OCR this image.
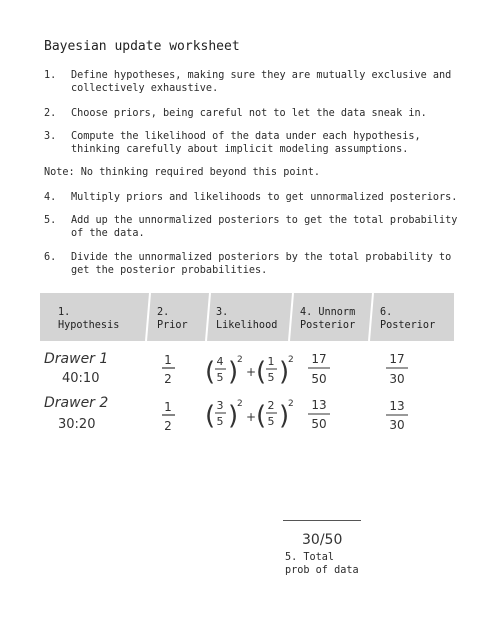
Bayesian update worksheet
1. Define hypotheses, making sure they are mutually exclusive and collectively exhaustive.
2. Choose priors, being careful not to let the data sneak in.
3. Compute the likelihood of the data under each hypothesis, thinking carefully about implicit modeling assumptions.
Note: No thinking required beyond this point.
4. Multiply priors and likelihoods to get unnormalized posteriors.
5. Add up the unnormalized posteriors to get the total probability of the data.
6. Divide the unnormalized posteriors by the total probability to get the posterior probabilities.
1.
Hypothesis
2.
Prior
3.
Likelihood
4. Unnorm
Posterior
6.
Posterior
Drawer 1
40:10
1
2 ( 4
5 )
2
+ ( 1
5 )
2 17
50
17
30
Drawer 2
30:20
1
2 ( 3
5 )
2
+ ( 2
5 )
2 13
50
13
30
30/50
5. Total
prob of data
